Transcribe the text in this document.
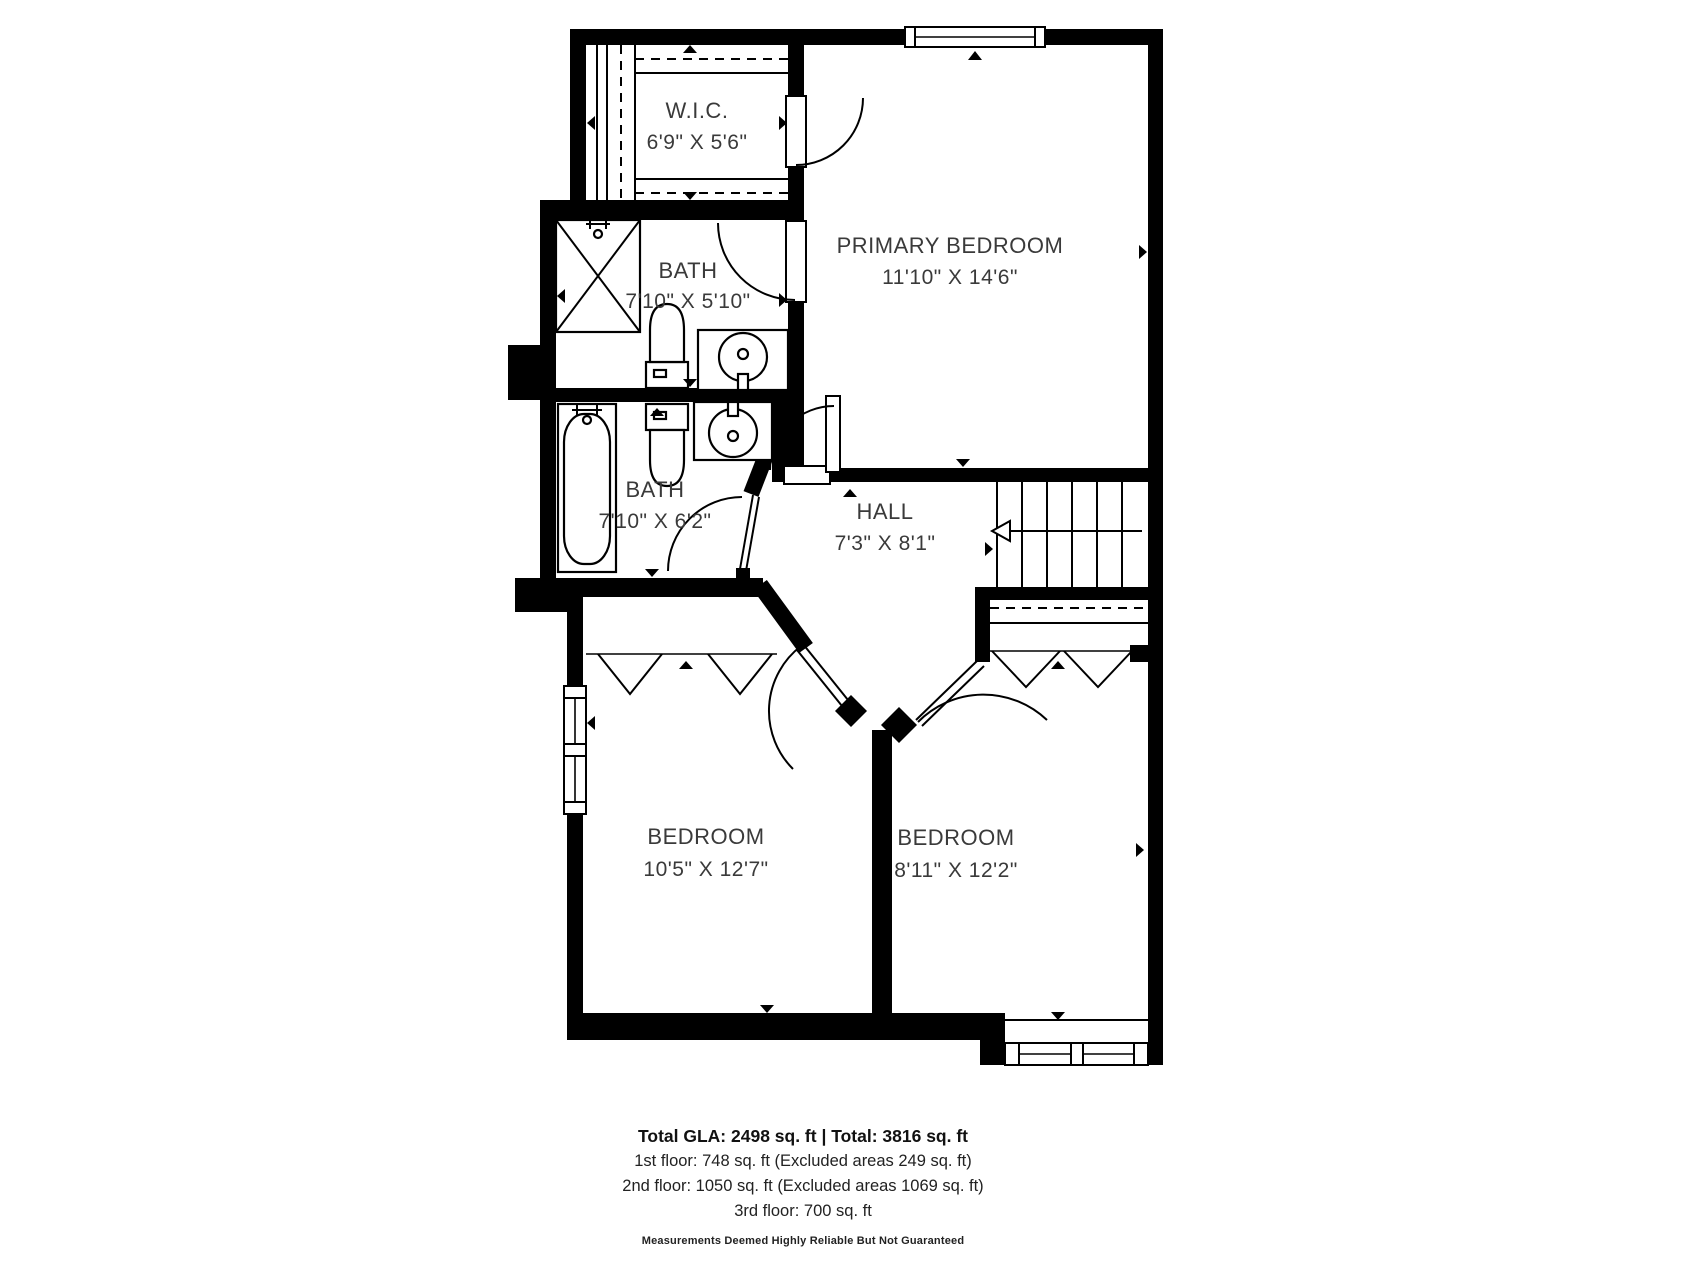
W.I.C.
6'9" X 5'6"
BATH
7'10" X 5'10"
PRIMARY BEDROOM
11'10" X 14'6"
BATH
7'10" X 6'2"	HALL
7'3" X 8'1"
BEDROOM
10'5" X 12'7"
BEDROOM
8'11" X 12'2"
Total GLA: 2498 sq. ft | Total: 3816 sq. ft
1st floor: 748 sq. ft (Excluded areas 249 sq. ft)
2nd floor: 1050 sq. ft (Excluded areas 1069 sq. ft)
3rd floor: 700 sq. ft
Measurements Deemed Highly Reliable But Not Guaranteed
